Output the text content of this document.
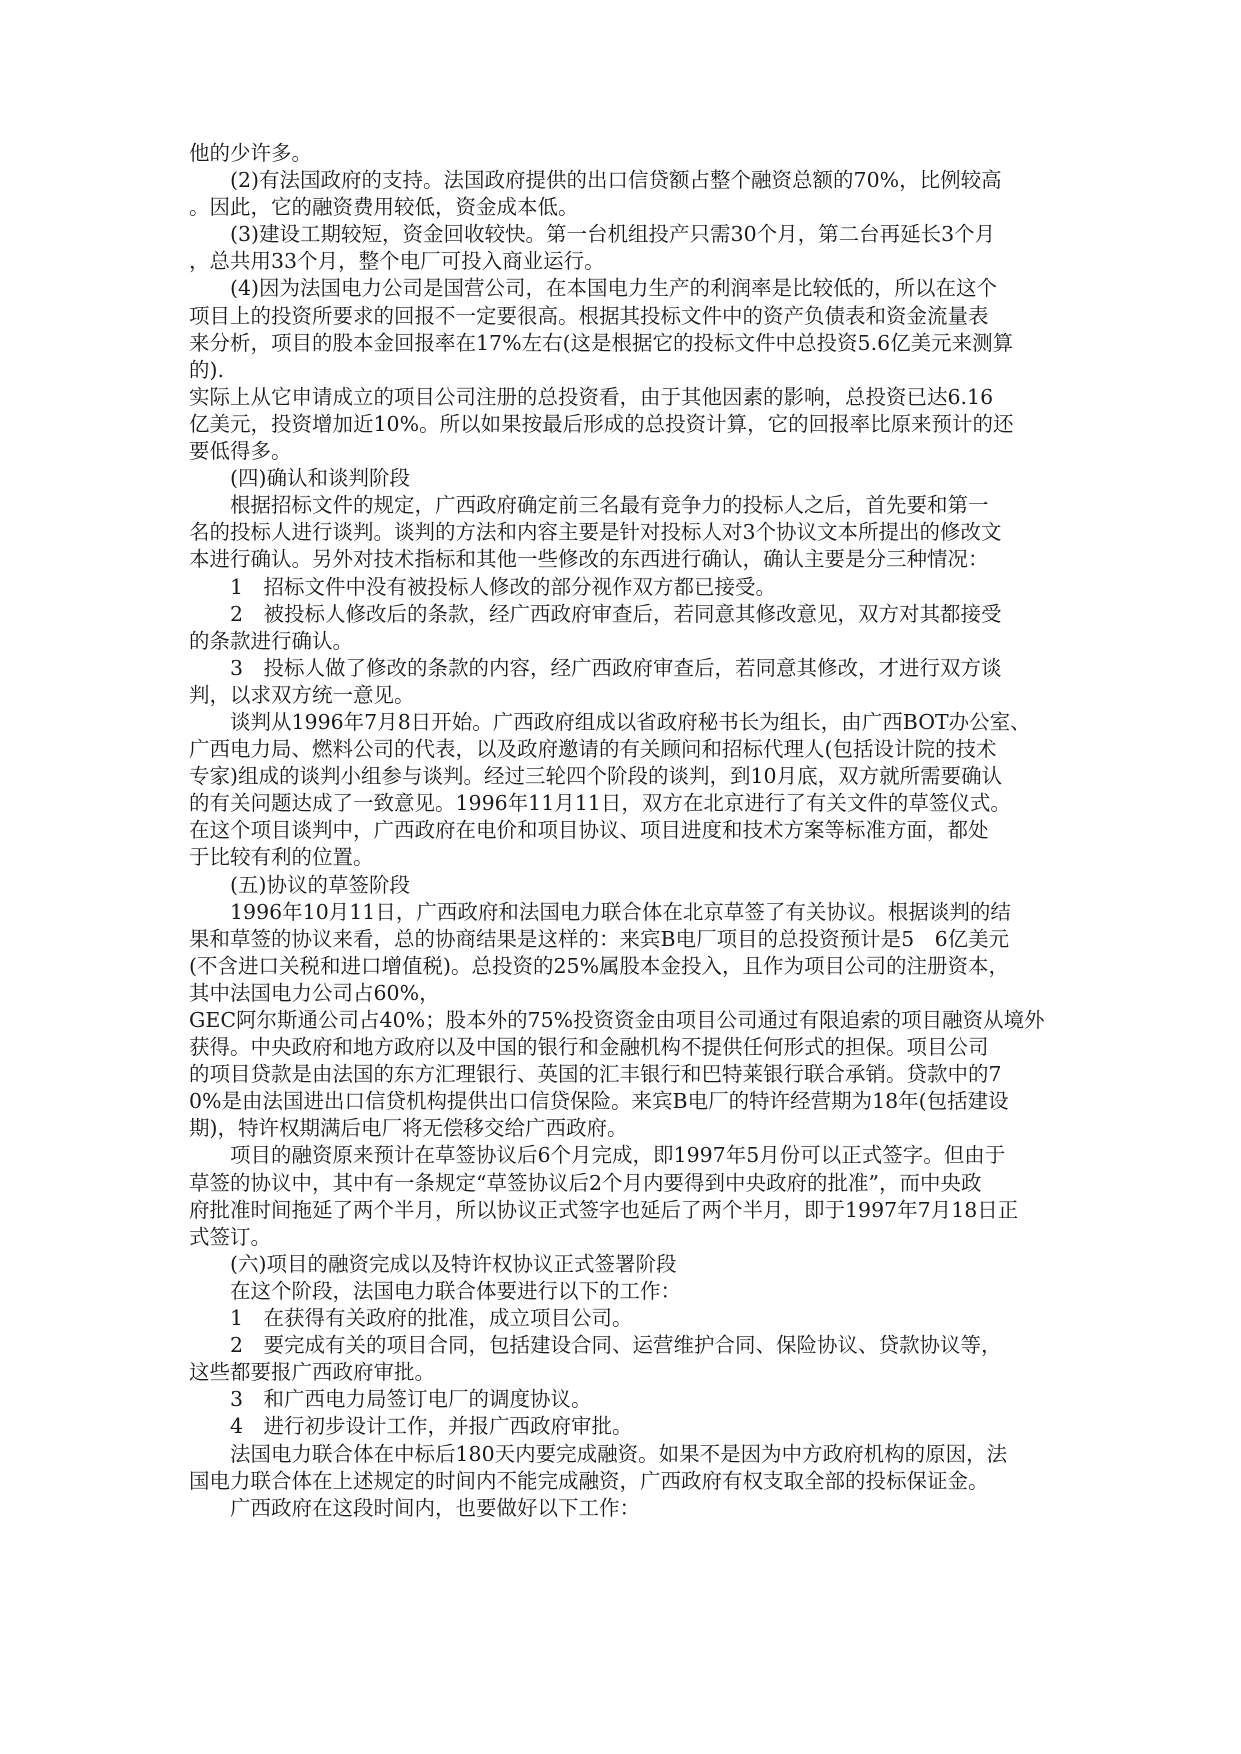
他的少许多。
(2)有法国政府的支持。法国政府提供的出口信贷额占整个融资总额的70%，比例较高
。因此，它的融资费用较低，资金成本低。
(3)建设工期较短，资金回收较快。第一台机组投产只需30个月，第二台再延长3个月
，总共用33个月，整个电厂可投入商业运行。
(4)因为法国电力公司是国营公司，在本国电力生产的利润率是比较低的，所以在这个
项目上的投资所要求的回报不一定要很高。根据其投标文件中的资产负债表和资金流量表
来分析，项目的股本金回报率在17%左右(这是根据它的投标文件中总投资5.6亿美元来测算
的).
实际上从它申请成立的项目公司注册的总投资看，由于其他因素的影响，总投资已达6.16
亿美元，投资增加近10%。所以如果按最后形成的总投资计算，它的回报率比原来预计的还
要低得多。
(四)确认和谈判阶段
根据招标文件的规定，广西政府确定前三名最有竞争力的投标人之后，首先要和第一
名的投标人进行谈判。谈判的方法和内容主要是针对投标人对3个协议文本所提出的修改文
本进行确认。另外对技术指标和其他一些修改的东西进行确认，确认主要是分三种情况：
1　招标文件中没有被投标人修改的部分视作双方都已接受。
2　被投标人修改后的条款，经广西政府审查后，若同意其修改意见，双方对其都接受
的条款进行确认。
3　投标人做了修改的条款的内容，经广西政府审查后，若同意其修改，才进行双方谈
判，以求双方统一意见。
谈判从1996年7月8日开始。广西政府组成以省政府秘书长为组长，由广西BOT办公室、
广西电力局、燃料公司的代表，以及政府邀请的有关顾问和招标代理人(包括设计院的技术
专家)组成的谈判小组参与谈判。经过三轮四个阶段的谈判，到10月底，双方就所需要确认
的有关问题达成了一致意见。1996年11月11日，双方在北京进行了有关文件的草签仪式。
在这个项目谈判中，广西政府在电价和项目协议、项目进度和技术方案等标准方面，都处
于比较有利的位置。
(五)协议的草签阶段
1996年10月11日，广西政府和法国电力联合体在北京草签了有关协议。根据谈判的结
果和草签的协议来看，总的协商结果是这样的：来宾B电厂项目的总投资预计是5　6亿美元
(不含进口关税和进口增值税)。总投资的25%属股本金投入，且作为项目公司的注册资本，
其中法国电力公司占60%，
GEC阿尔斯通公司占40%；股本外的75%投资资金由项目公司通过有限追索的项目融资从境外
获得。中央政府和地方政府以及中国的银行和金融机构不提供任何形式的担保。项目公司
的项目贷款是由法国的东方汇理银行、英国的汇丰银行和巴特莱银行联合承销。贷款中的7
0%是由法国进出口信贷机构提供出口信贷保险。来宾B电厂的特许经营期为18年(包括建设
期)，特许权期满后电厂将无偿移交给广西政府。
项目的融资原来预计在草签协议后6个月完成，即1997年5月份可以正式签字。但由于
草签的协议中，其中有一条规定“草签协议后2个月内要得到中央政府的批准”，而中央政
府批准时间拖延了两个半月，所以协议正式签字也延后了两个半月，即于1997年7月18日正
式签订。
(六)项目的融资完成以及特许权协议正式签署阶段
在这个阶段，法国电力联合体要进行以下的工作：
1　在获得有关政府的批准，成立项目公司。
2　要完成有关的项目合同，包括建设合同、运营维护合同、保险协议、贷款协议等，
这些都要报广西政府审批。
3　和广西电力局签订电厂的调度协议。
4　进行初步设计工作，并报广西政府审批。
法国电力联合体在中标后180天内要完成融资。如果不是因为中方政府机构的原因，法
国电力联合体在上述规定的时间内不能完成融资，广西政府有权支取全部的投标保证金。
广西政府在这段时间内，也要做好以下工作：
